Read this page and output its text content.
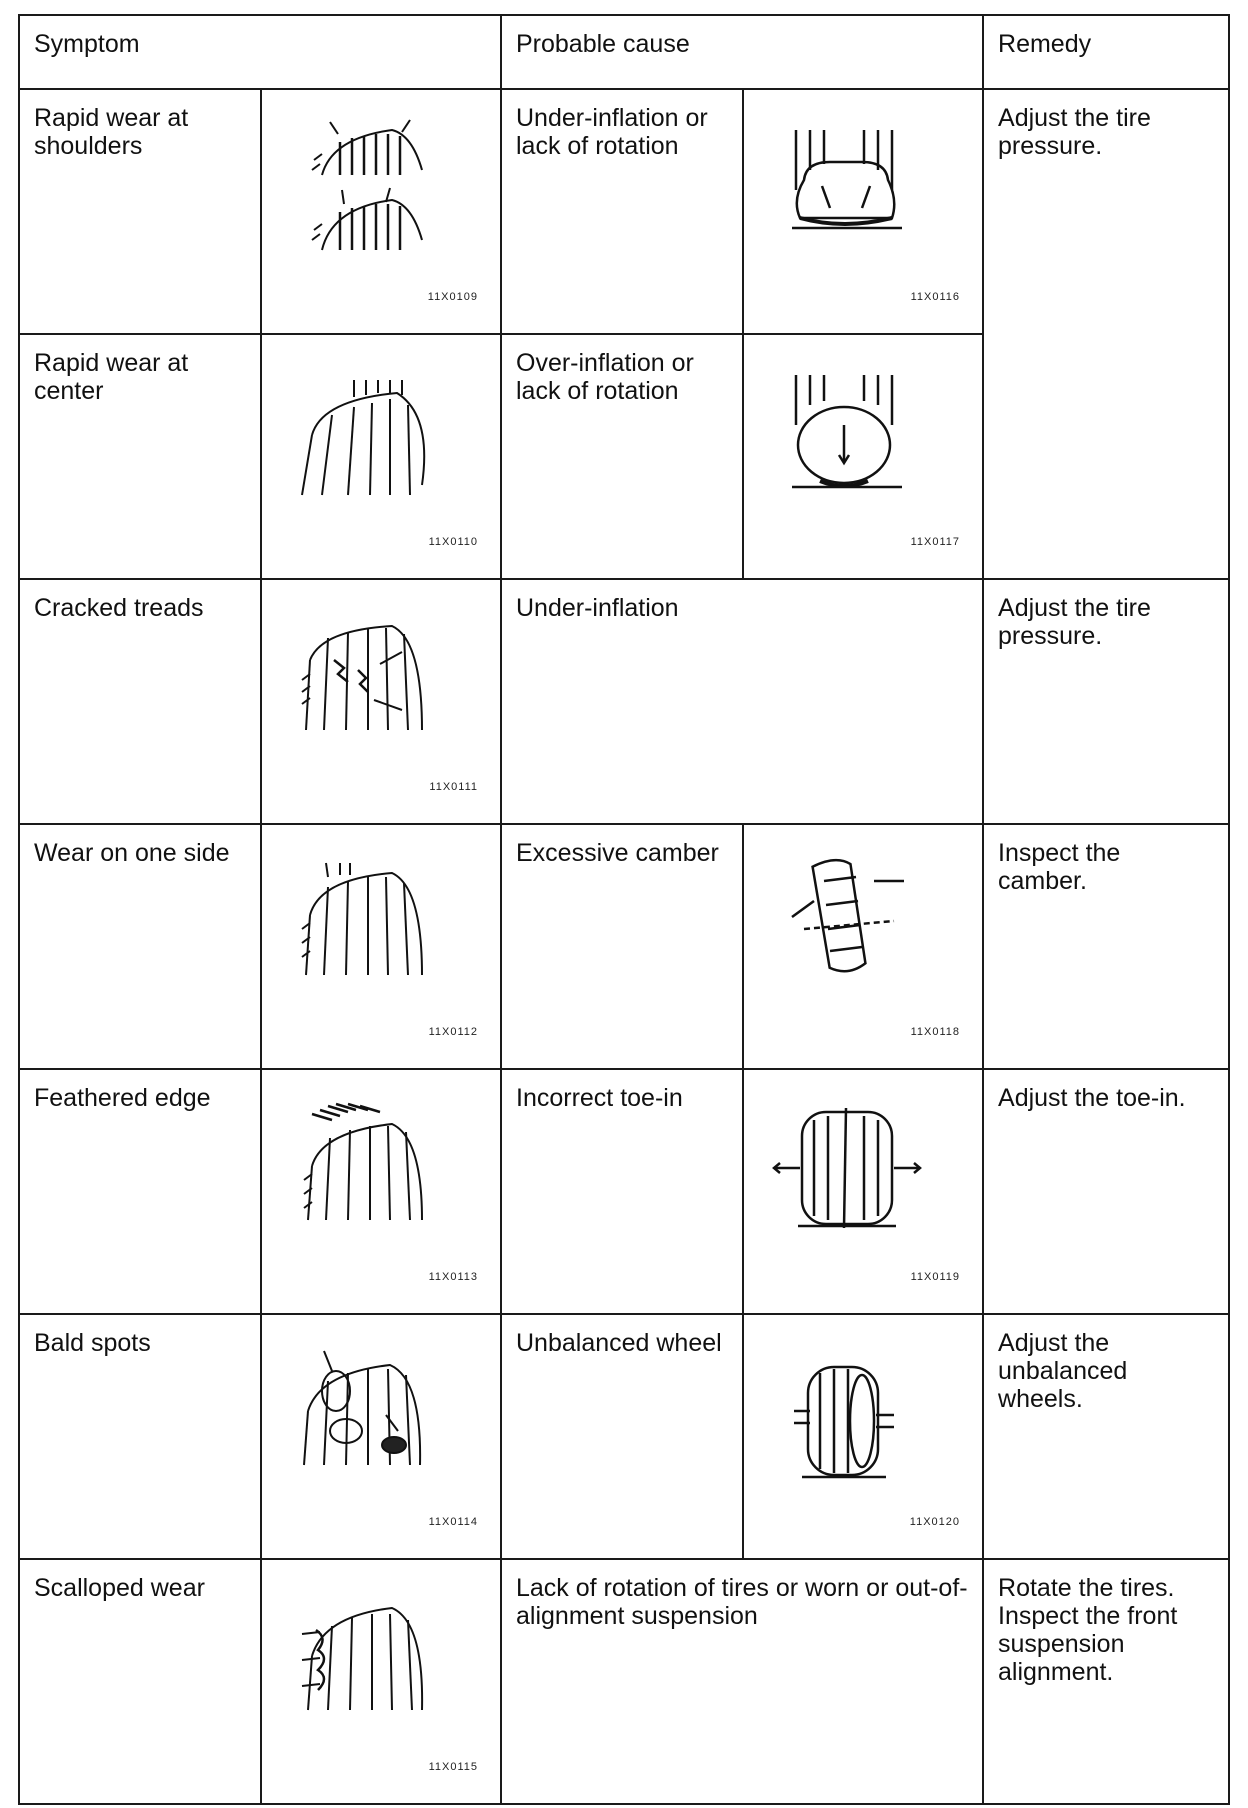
Symptom		Probable cause		Remedy

Rapid wear at shoulders	11X0109	Under-inflation or lack of rotation	11X0116	Adjust the tire pressure.

Rapid wear at center	11X0110	Over-inflation or lack of rotation	11X0117	

Cracked treads	11X0111	Under-inflation		Adjust the tire pressure.

Wear on one side	11X0112	Excessive camber	11X0118	Inspect the camber.

Feathered edge	11X0113	Incorrect toe-in	11X0119	Adjust the toe-in.

Bald spots	11X0114	Unbalanced wheel	11X0120	Adjust the unbalanced wheels.

Scalloped wear	11X0115	Lack of rotation of tires or worn or out-of-alignment suspension		Rotate the tires. Inspect the front suspension alignment.
